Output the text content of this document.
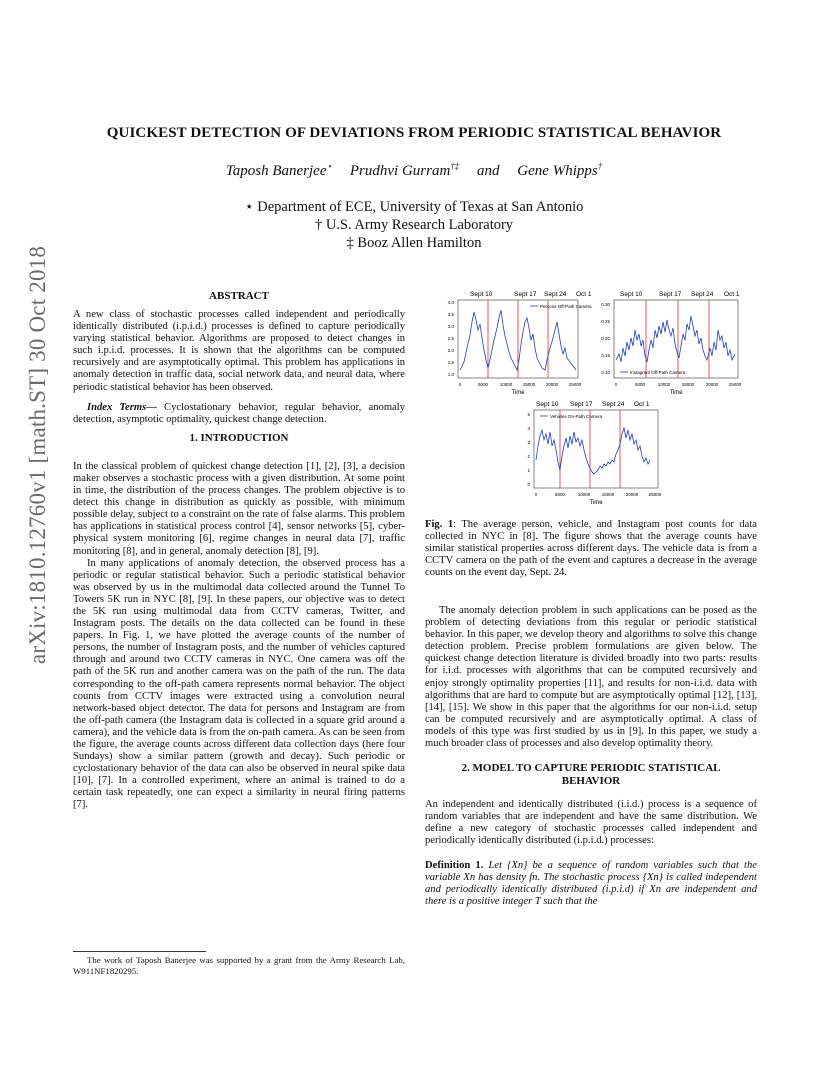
arXiv:1810.12760v1 [math.ST] 30 Oct 2018
QUICKEST DETECTION OF DEVIATIONS FROM PERIODIC STATISTICAL BEHAVIOR
Taposh Banerjee⋆ Prudhvi Gurram†‡ and Gene Whipps†
⋆ Department of ECE, University of Texas at San Antonio
† U.S. Army Research Laboratory
‡ Booz Allen Hamilton

ABSTRACT

A new class of stochastic processes called independent and periodically identically distributed (i.p.i.d.) processes is defined to capture periodically varying statistical behavior. Algorithms are proposed to detect changes in such i.p.i.d. processes. It is shown that the algorithms can be computed recursively and are asymptotically optimal. This problem has applications in anomaly detection in traffic data, social network data, and neural data, where periodic statistical behavior has been observed.

Index Terms— Cyclostationary behavior, regular behavior, anomaly detection, asymptotic optimality, quickest change detection.

1. INTRODUCTION

In the classical problem of quickest change detection [1], [2], [3], a decision maker observes a stochastic process with a given distribution. At some point in time, the distribution of the process changes. The problem objective is to detect this change in distribution as quickly as possible, with minimum possible delay, subject to a constraint on the rate of false alarms. This problem has applications in statistical process control [4], sensor networks [5], cyber-physical system monitoring [6], regime changes in neural data [7], traffic monitoring [8], and in general, anomaly detection [8], [9].

In many applications of anomaly detection, the observed process has a periodic or regular statistical behavior. Such a periodic statistical behavior was observed by us in the multimodal data collected around the Tunnel To Towers 5K run in NYC [8], [9]. In these papers, our objective was to detect the 5K run using multimodal data from CCTV cameras, Twitter, and Instagram posts. The details on the data collected can be found in these papers. In Fig. 1, we have plotted the average counts of the number of persons, the number of Instagram posts, and the number of vehicles captured through and around two CCTV cameras in NYC. One camera was off the path of the 5K run and another camera was on the path of the run. The data corresponding to the off-path camera represents normal behavior. The object counts from CCTV images were extracted using a convolution neural network-based object detector. The data for persons and Instagram are from the off-path camera (the Instagram data is collected in a square grid around a camera), and the vehicle data is from the on-path camera. As can be seen from the figure, the average counts across different data collection days (here four Sundays) show a similar pattern (growth and decay). Such periodic or cyclostationary behavior of the data can also be observed in neural spike data [10], [7]. In a controlled experiment, where an animal is trained to do a certain task repeatedly, one can expect a similarity in neural firing patterns [7].

The work of Taposh Banerjee was supported by a grant from the Army Research Lab, W911NF1820295.
Sept 10	Sept 17 Sept 24 Oct 1
Persons Off-Path Camera
4.0
3.5
3.0
2.5
2.0
1.5
1.0
0	5000	10000 15000 20000 25000
Time
Sept 10	Sept 17 Sept 24 Oct 1
Instagram Off-Path Camera
0.30
0.25
0.20
0.15
0.10
0	5000	10000	15000	20000 25000
Time
Sept 10 Sept 17 Sept 24 Oct 1
Vehicles On-Path Camera
5
4
3
2
1
0
0	5000	10000	15000	20000 25000
Time
Fig. 1: The average person, vehicle, and Instagram post counts for data collected in NYC in [8]. The figure shows that the average counts have similar statistical properties across different days. The vehicle data is from a CCTV camera on the path of the event and captures a decrease in the average counts on the event day, Sept. 24.

The anomaly detection problem in such applications can be posed as the problem of detecting deviations from this regular or periodic statistical behavior. In this paper, we develop theory and algorithms to solve this change detection problem. Precise problem formulations are given below. The quickest change detection literature is divided broadly into two parts: results for i.i.d. processes with algorithms that can be computed recursively and enjoy strongly optimality properties [11], and results for non-i.i.d. data with algorithms that are hard to compute but are asymptotically optimal [12], [13], [14], [15]. We show in this paper that the algorithms for our non-i.i.d. setup can be computed recursively and are asymptotically optimal. A class of models of this type was first studied by us in [9]. In this paper, we study a much broader class of processes and also develop optimality theory.

2. MODEL TO CAPTURE PERIODIC STATISTICAL
BEHAVIOR

An independent and identically distributed (i.i.d.) process is a sequence of random variables that are independent and have the same distribution. We define a new category of stochastic processes called independent and periodically identically distributed (i.p.i.d.) processes:

Definition 1. Let {Xn} be a sequence of random variables such that the variable Xn has density fn. The stochastic process {Xn} is called independent and periodically identically distributed (i.p.i.d) if Xn are independent and there is a positive integer T such that the
